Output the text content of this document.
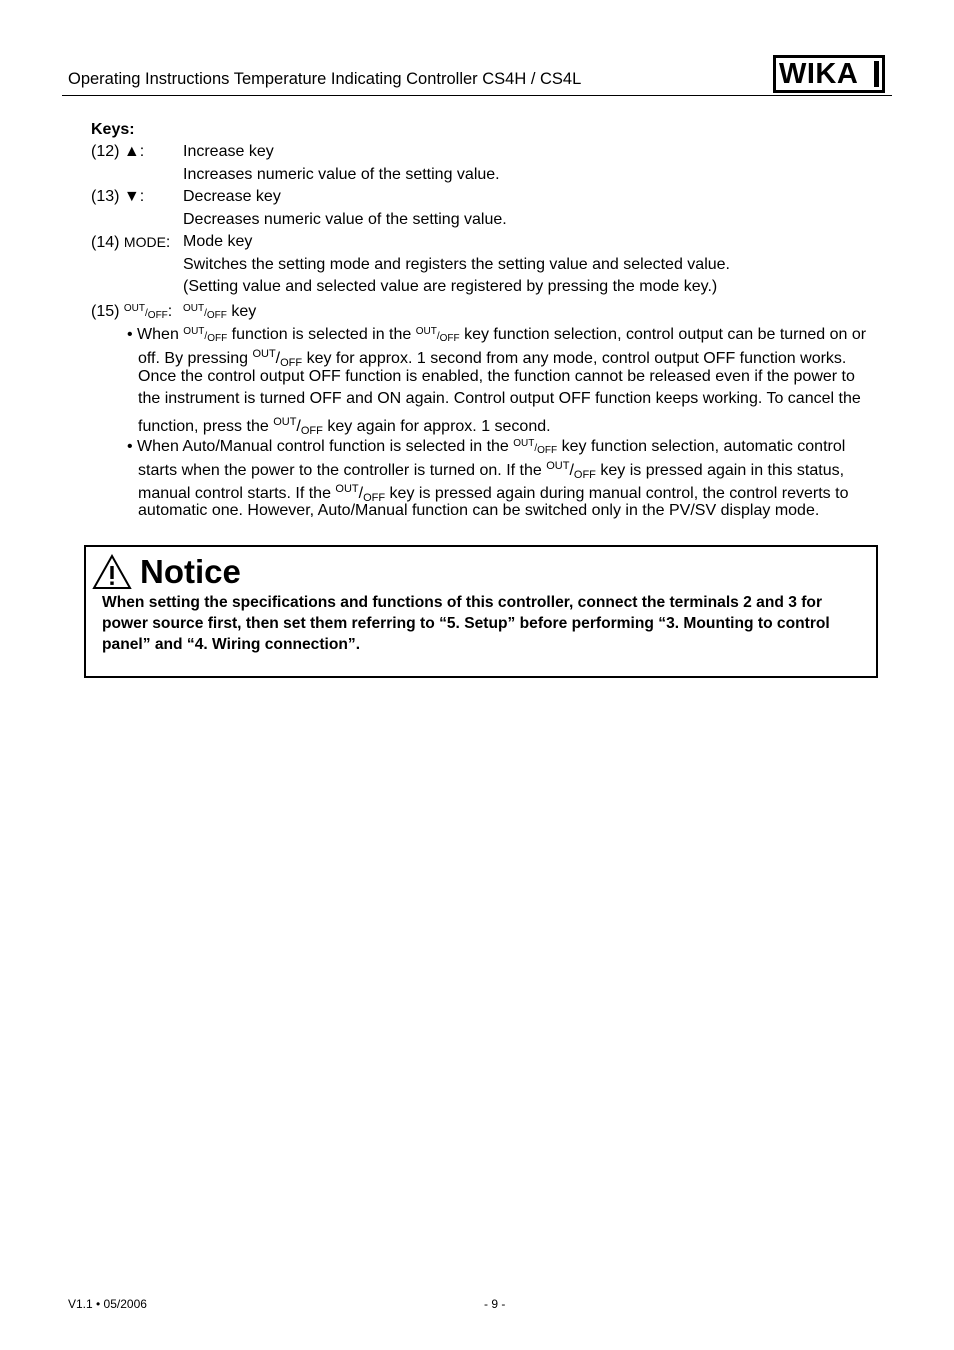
Operating Instructions Temperature Indicating Controller CS4H / CS4L	WIKA
Keys:
(12) ▲: Increase key
Increases numeric value of the setting value.
(13) ▼: Decrease key
Decreases numeric value of the setting value.
(14) MODE: Mode key
Switches the setting mode and registers the setting value and selected value.
(Setting value and selected value are registered by pressing the mode key.)
(15) $^{OUT}$/OFF: $^{OUT}$/OFF key
• When $^{OUT}$/OFF function is selected in the $^{OUT}$/OFF key function selection, control output can be turned on or
off. By pressing $^{OUT}/_{OFF}$ key for approx. 1 second from any mode, control output OFF function works.
Once the control output OFF function is enabled, the function cannot be released even if the power to
the instrument is turned OFF and ON again. Control output OFF function keeps working. To cancel the
function, press the $^{OUT}/_{OFF}$ key again for approx. 1 second.
• When Auto/Manual control function is selected in the $^{OUT}$/OFF key function selection, automatic control
starts when the power to the controller is turned on. If the $^{OUT}/_{OFF}$ key is pressed again in this status,
manual control starts. If the $^{OUT}/_{OFF}$ key is pressed again during manual control, the control reverts to
automatic one. However, Auto/Manual function can be switched only in the PV/SV display mode.
Notice
When setting the specifications and functions of this controller, connect the terminals 2 and 3 for power source first, then set them referring to “5. Setup” before performing “3. Mounting to control panel” and “4. Wiring connection”.
V1.1 • 05/2006	- 9 -
